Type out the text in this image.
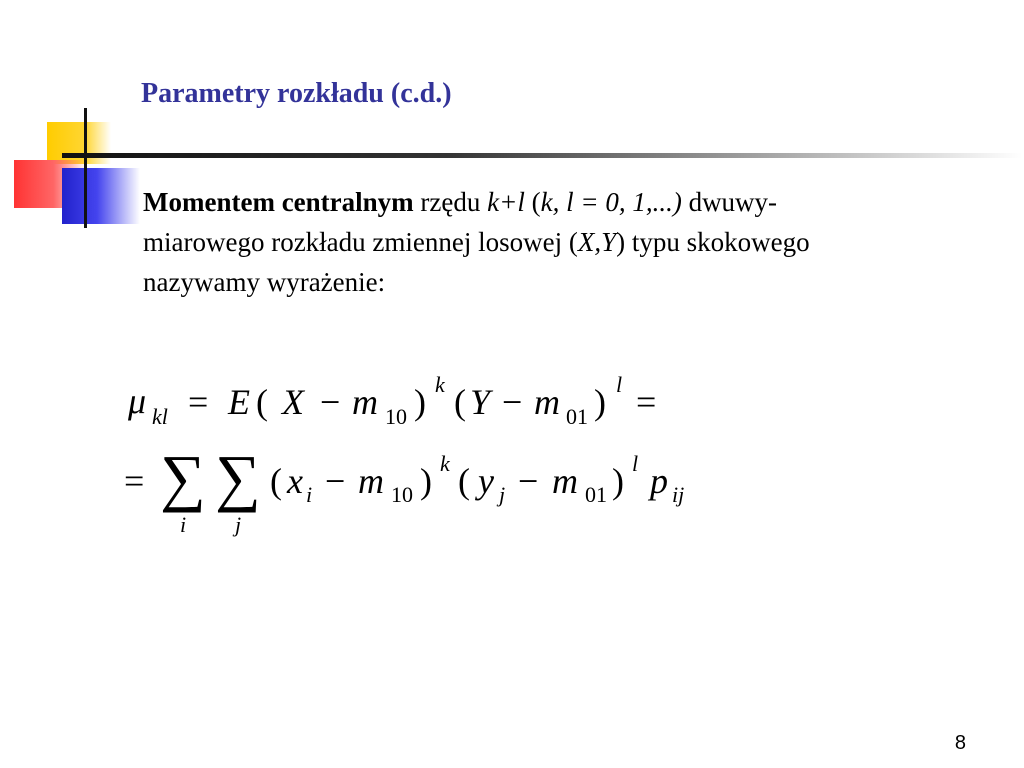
Parametry rozkładu (c.d.)
Momentem centralnym rzędu k+l (k, l = 0, 1,...) dwuwy-
miarowego rozkładu zmiennej losowej (X,Y) typu skokowego
nazywamy wyrażenie:
μ kl = E ( X − m 10 ) k ( Y − m 01 ) l =
= ∑
i
∑
j
( x i − m 10 ) k ( y j − m 01 ) l p ij
8
